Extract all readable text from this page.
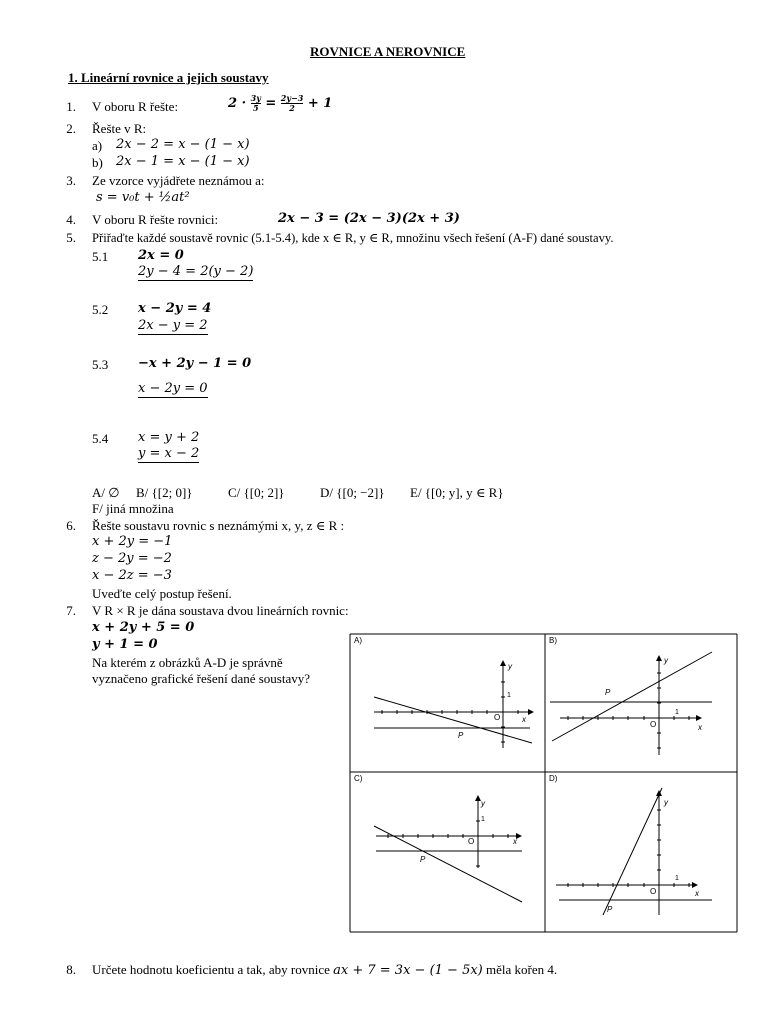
ROVNICE A NEROVNICE
1. Lineární rovnice a jejich soustavy
1. V oboru R řešte:	$2 \cdot \frac{3y}{5} = \frac{2y-3}{2} + 1$
2. Řešte v R:
a) 2x − 2 = x − (1 − x)
b) 2x − 1 = x − (1 − x)
3. Ze vzorce vyjádřete neznámou a:
s = v₀t + ½at²
4. V oboru R řešte rovnici:	2x − 3 = (2x − 3)(2x + 3)
5. Přiřaďte každé soustavě rovnic (5.1-5.4), kde x ∈ R, y ∈ R, množinu všech řešení (A-F) dané soustavy.
5.1 2x = 0
2y − 4 = 2(y − 2)
5.2 x − 2y = 4
2x − y = 2
5.3 −x + 2y − 1 = 0
x − 2y = 0
5.4 x = y + 2
y = x − 2
A/ ∅ B/ {[2; 0]}	C/ {[0; 2]}	D/ {[0; −2]} E/ {[0; y], y ∈ R}
F/ jiná množina
6. Řešte soustavu rovnic s neznámými x, y, z ∈ R :
x + 2y = −1
z − 2y = −2
x − 2z = −3
Uveďte celý postup řešení.
7. V R × R je dána soustava dvou lineárních rovnic:
x + 2y + 5 = 0
y + 1 = 0
Na kterém z obrázků A-D je správně
vyznačeno grafické řešení dané soustavy?
A)
y
x
O
1
P
B)
y
x
O
1
P
C)
y
x
O
1
P
D)
y
x
O
1
P
8. Určete hodnotu koeficientu a tak, aby rovnice ax + 7 = 3x − (1 − 5x) měla kořen 4.
